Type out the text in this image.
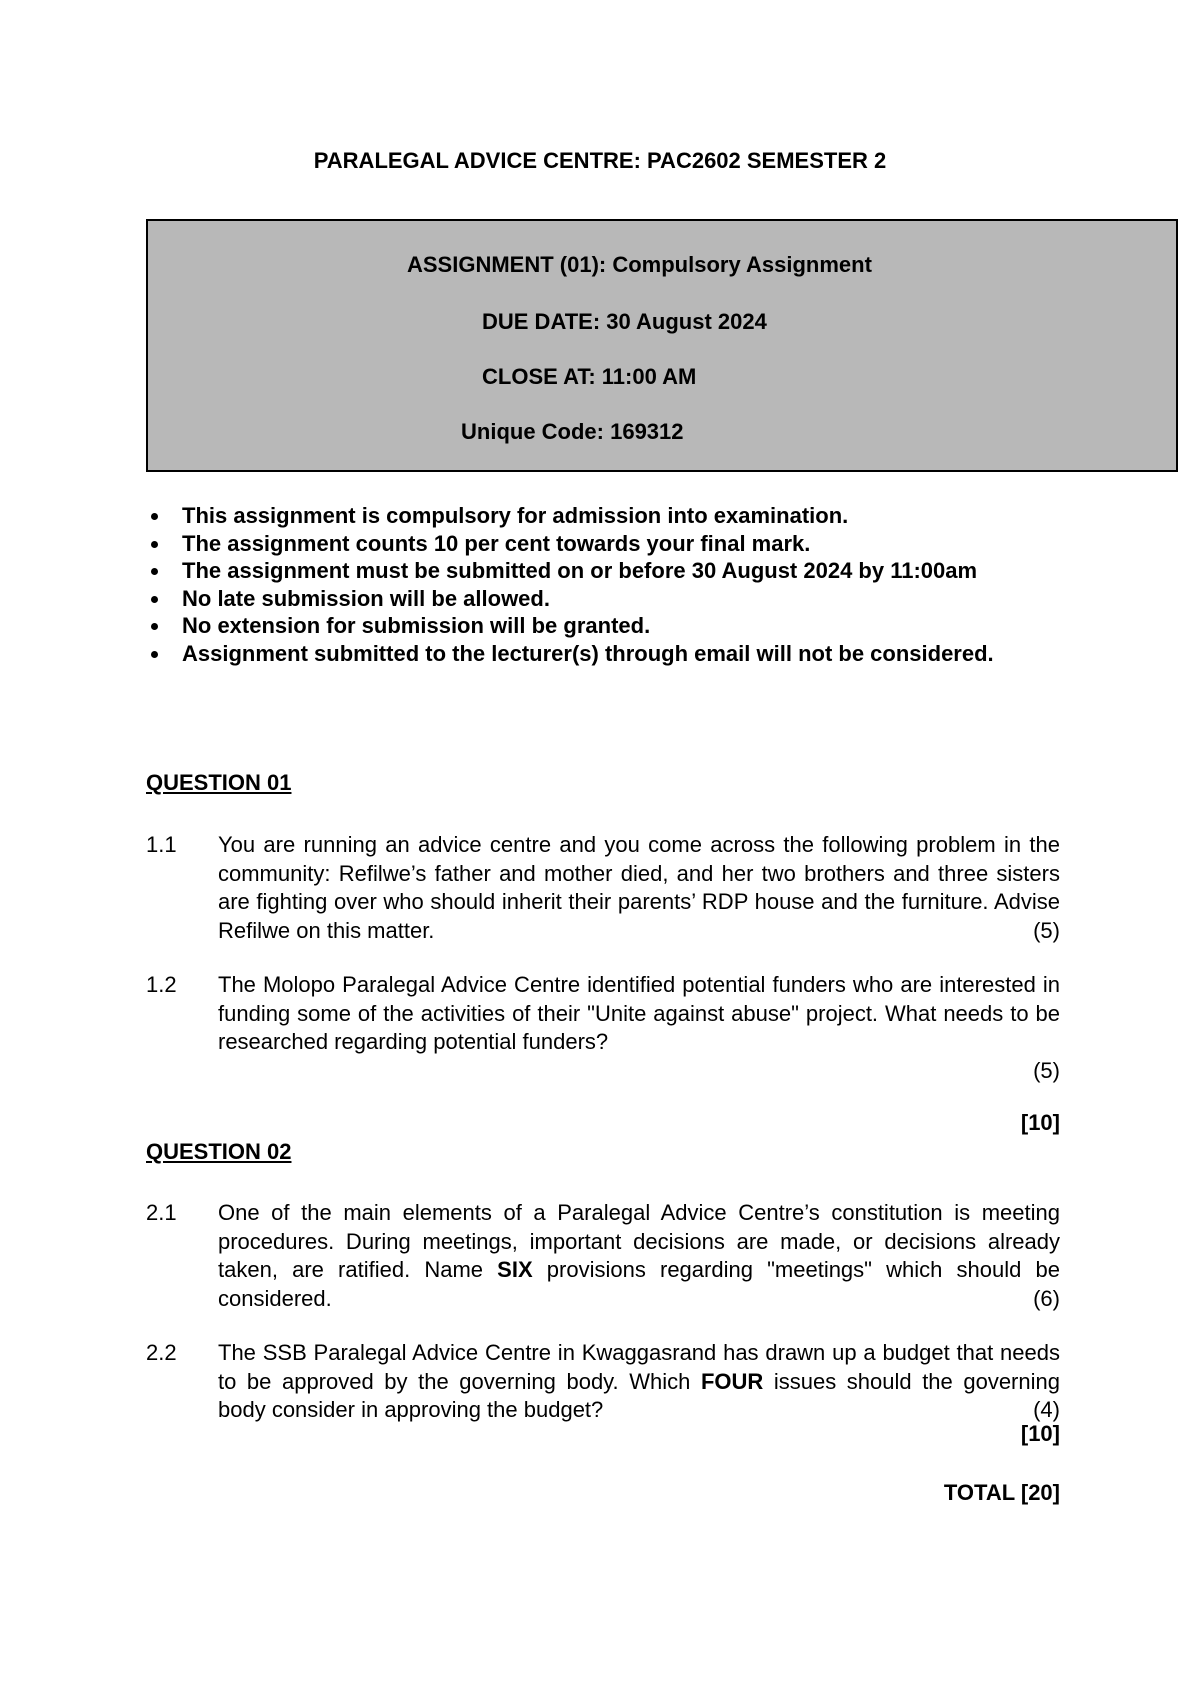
PARALEGAL ADVICE CENTRE: PAC2602 SEMESTER 2
ASSIGNMENT (01): Compulsory Assignment
DUE DATE: 30 August 2024
CLOSE AT: 11:00 AM
Unique Code: 169312
This assignment is compulsory for admission into examination.
The assignment counts 10 per cent towards your final mark.
The assignment must be submitted on or before 30 August 2024 by 11:00am
No late submission will be allowed.
No extension for submission will be granted.
Assignment submitted to the lecturer(s) through email will not be considered.
QUESTION 01
1.1 You are running an advice centre and you come across the following problem in the community: Refilwe’s father and mother died, and her two brothers and three sisters are fighting over who should inherit their parents’ RDP house and the furniture. Advise Refilwe on this matter.	(5)
1.2 The Molopo Paralegal Advice Centre identified potential funders who are interested in funding some of the activities of their "Unite against abuse" project. What needs to be researched regarding potential funders?
(5)
[10]
QUESTION 02
2.1 One of the main elements of a Paralegal Advice Centre’s constitution is meeting procedures. During meetings, important decisions are made, or decisions already taken, are ratified. Name SIX provisions regarding "meetings" which should be considered.	(6)
2.2 The SSB Paralegal Advice Centre in Kwaggasrand has drawn up a budget that needs to be approved by the governing body. Which FOUR issues should the governing body consider in approving the budget?	(4)
[10]
TOTAL [20]
